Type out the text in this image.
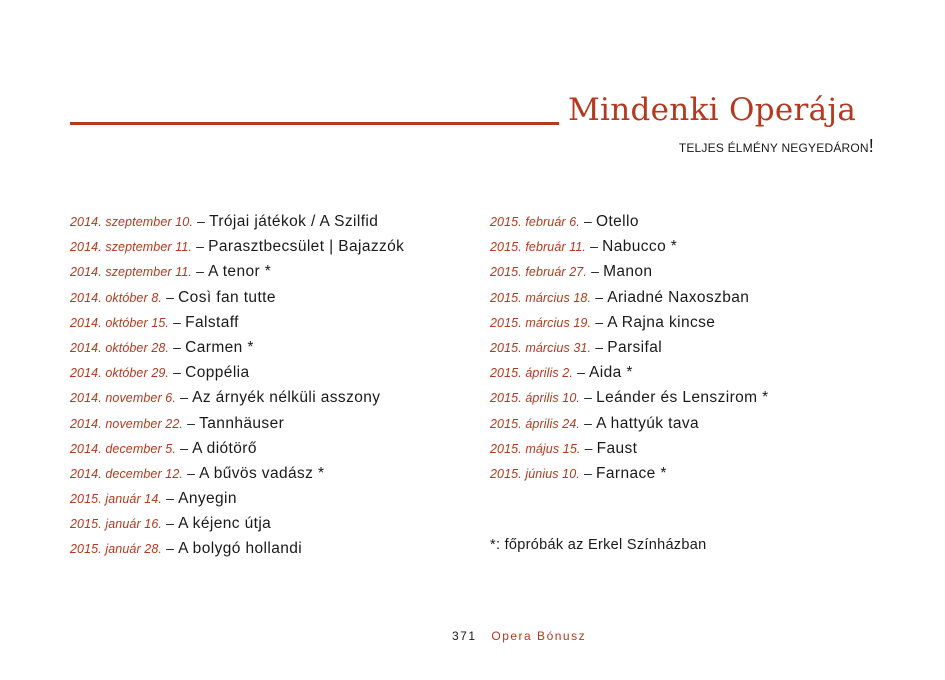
Mindenki Operája
TELJES ÉLMÉNY NEGYEDÁRON!
2014. szeptember 10. – Trójai játékok / A Szilfid
2014. szeptember 11. – Parasztbecsület | Bajazzók
2014. szeptember 11. – A tenor *
2014. október 8. – Così fan tutte
2014. október 15. – Falstaff
2014. október 28. – Carmen *
2014. október 29. – Coppélia
2014. november 6. – Az árnyék nélküli asszony
2014. november 22. – Tannhäuser
2014. december 5. – A diótörő
2014. december 12. – A bűvös vadász *
2015. január 14. – Anyegin
2015. január 16. – A kéjenc útja
2015. január 28. – A bolygó hollandi
2015. február 6. – Otello
2015. február 11. – Nabucco *
2015. február 27. – Manon
2015. március 18. – Ariadné Naxoszban
2015. március 19. – A Rajna kincse
2015. március 31. – Parsifal
2015. április 2. – Aida *
2015. április 10. – Leánder és Lenszirom *
2015. április 24. – A hattyúk tava
2015. május 15. – Faust
2015. június 10. – Farnace *
*: főpróbák az Erkel Színházban
371 Opera Bónusz
